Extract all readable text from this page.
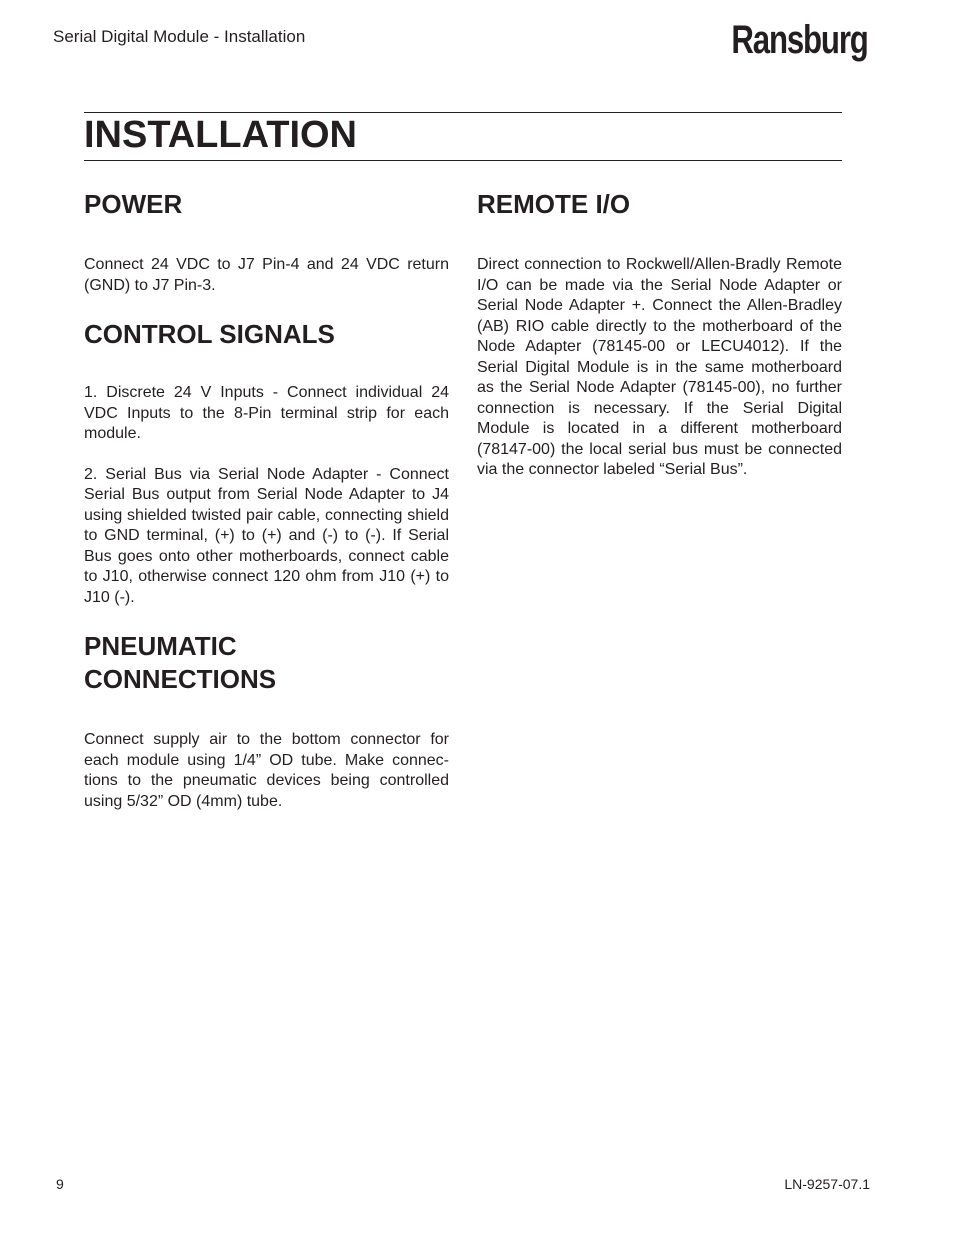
Serial Digital Module - Installation	Ransburg
INSTALLATION
POWER

Connect 24 VDC to J7 Pin-4 and 24 VDC return (GND) to J7 Pin-3.

CONTROL SIGNALS

1. Discrete 24 V Inputs - Connect individual 24 VDC Inputs to the 8-Pin terminal strip for each module.

2. Serial Bus via Serial Node Adapter - Connect Serial Bus output from Serial Node Adapter to J4 using shielded twisted pair cable, connecting shield to GND terminal, (+) to (+) and (-) to (-). If Serial Bus goes onto other motherboards, connect cable to J10, otherwise connect 120 ohm from J10 (+) to J10 (-).

PNEUMATIC
CONNECTIONS

Connect supply air to the bottom connector for each module using 1/4” OD tube. Make connections to the pneumatic devices being controlled using 5/32” OD (4mm) tube.

REMOTE I/O

Direct connection to Rockwell/Allen-Bradly Remote I/O can be made via the Serial Node Adapter or Serial Node Adapter +. Connect the Allen-Bradley (AB) RIO cable directly to the motherboard of the Node Adapter (78145-00 or LECU4012). If the Serial Digital Module is in the same motherboard as the Serial Node Adapter (78145-00), no further connection is necessary. If the Serial Digital Module is located in a different motherboard (78147-00) the local serial bus must be connected via the connector labeled “Serial Bus”.

9	LN-9257-07.1
